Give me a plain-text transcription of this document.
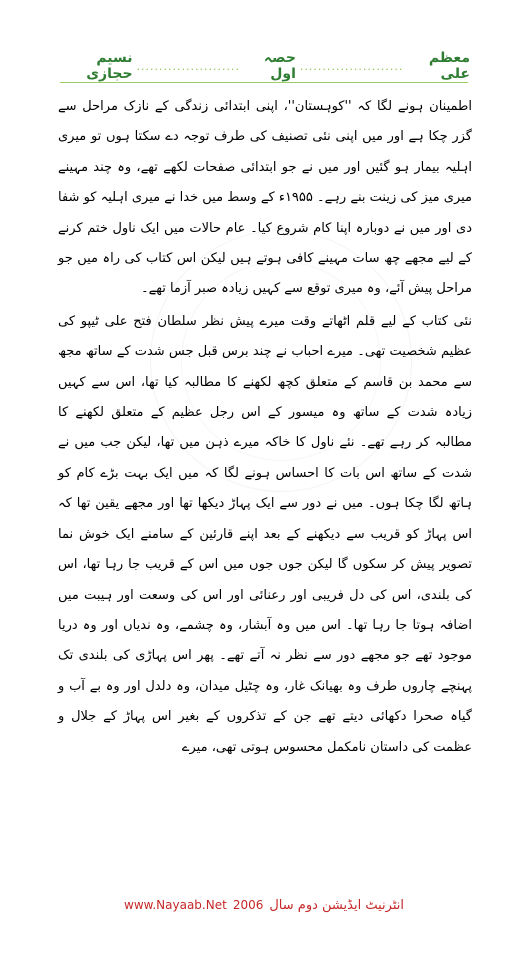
معظم علی
.......................
حصہ اول
.......................
نسیم حجازی

اطمینان ہونے لگا کہ ''کوہستان''، اپنی ابتدائی زندگی کے نازک مراحل سے گزر چکا ہے اور میں اپنی نئی تصنیف کی طرف توجہ دے سکتا ہوں تو میری اہلیہ بیمار ہو گئیں اور میں نے جو ابتدائی صفحات لکھے تھے، وہ چند مہینے میری میز کی زینت بنے رہے۔ ۱۹۵۵ء کے وسط میں خدا نے میری اہلیہ کو شفا دی اور میں نے دوبارہ اپنا کام شروع کیا۔ عام حالات میں ایک ناول ختم کرنے کے لیے مجھے چھ سات مہینے کافی ہوتے ہیں لیکن اس کتاب کی راہ میں جو مراحل پیش آئے، وہ میری توقع سے کہیں زیادہ صبر آزما تھے۔

نئی کتاب کے لیے قلم اٹھاتے وقت میرے پیش نظر سلطان فتح علی ٹیپو کی عظیم شخصیت تھی۔ میرے احباب نے چند برس قبل جس شدت کے ساتھ مجھ سے محمد بن قاسم کے متعلق کچھ لکھنے کا مطالبہ کیا تھا، اس سے کہیں زیادہ شدت کے ساتھ وہ میسور کے اس رجل عظیم کے متعلق لکھنے کا مطالبہ کر رہے تھے۔ نئے ناول کا خاکہ میرے ذہن میں تھا، لیکن جب میں نے شدت کے ساتھ اس بات کا احساس ہونے لگا کہ میں ایک بہت بڑے کام کو ہاتھ لگا چکا ہوں۔ میں نے دور سے ایک پہاڑ دیکھا تھا اور مجھے یقین تھا کہ اس پہاڑ کو قریب سے دیکھنے کے بعد اپنے قارئین کے سامنے ایک خوش نما تصویر پیش کر سکوں گا لیکن جوں جوں میں اس کے قریب جا رہا تھا، اس کی بلندی، اس کی دل فریبی اور رعنائی اور اس کی وسعت اور ہیبت میں اضافہ ہوتا جا رہا تھا۔ اس میں وہ آبشار، وہ چشمے، وہ ندیاں اور وہ دریا موجود تھے جو مجھے دور سے نظر نہ آتے تھے۔ پھر اس پہاڑی کی بلندی تک پہنچے چاروں طرف وہ بھیانک غار، وہ چٹیل میدان، وہ دلدل اور وہ بے آب و گیاہ صحرا دکھائی دیتے تھے جن کے تذکروں کے بغیر اس پہاڑ کے جلال و عظمت کی داستان نامکمل محسوس ہوتی تھی، میرے

www.Nayaab.Net 2006 انٹرنیٹ ایڈیشن دوم سال
